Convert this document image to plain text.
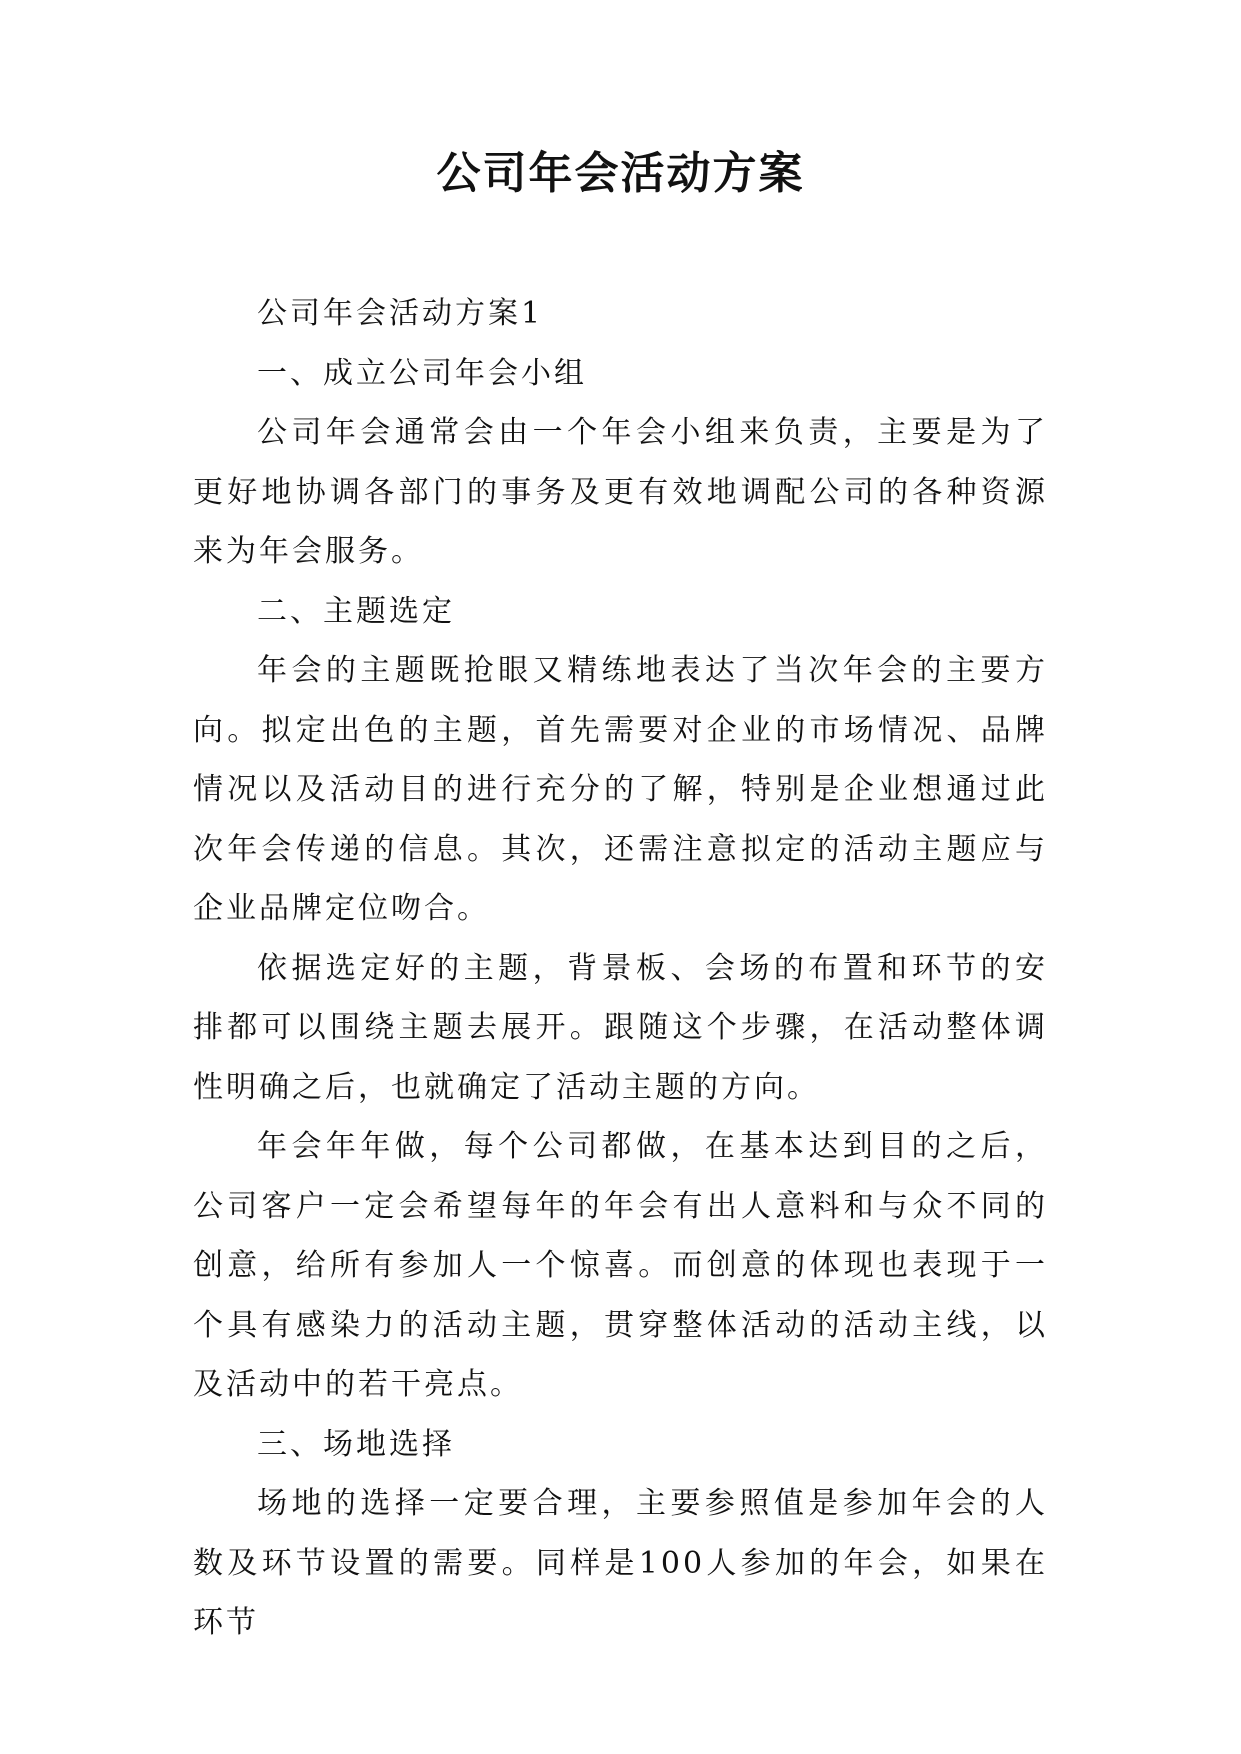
公司年会活动方案

公司年会活动方案1

一、成立公司年会小组

公司年会通常会由一个年会小组来负责，主要是为了更好地协调各部门的事务及更有效地调配公司的各种资源来为年会服务。

二、主题选定

年会的主题既抢眼又精练地表达了当次年会的主要方向。拟定出色的主题，首先需要对企业的市场情况、品牌情况以及活动目的进行充分的了解，特别是企业想通过此次年会传递的信息。其次，还需注意拟定的活动主题应与企业品牌定位吻合。

依据选定好的主题，背景板、会场的布置和环节的安排都可以围绕主题去展开。跟随这个步骤，在活动整体调性明确之后，也就确定了活动主题的方向。

年会年年做，每个公司都做，在基本达到目的之后，公司客户一定会希望每年的年会有出人意料和与众不同的创意，给所有参加人一个惊喜。而创意的体现也表现于一个具有感染力的活动主题，贯穿整体活动的活动主线，以及活动中的若干亮点。

三、场地选择

场地的选择一定要合理，主要参照值是参加年会的人数及环节设置的需要。同样是100人参加的年会，如果在环节
